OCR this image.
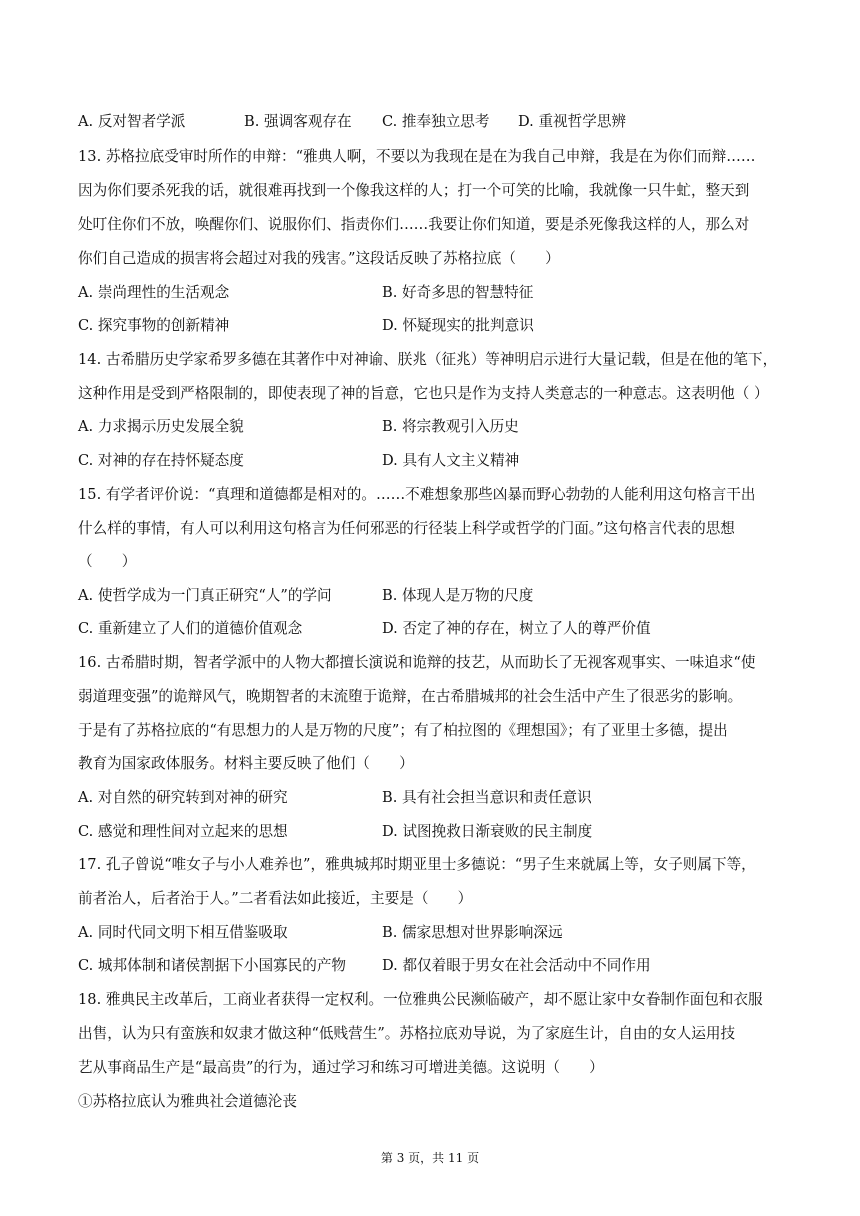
A. 反对智者学派	B. 强调客观存在 C. 推奉独立思考 D. 重视哲学思辨
13. 苏格拉底受审时所作的申辩：“雅典人啊，不要以为我现在是在为我自己申辩，我是在为你们而辩……
因为你们要杀死我的话，就很难再找到一个像我这样的人；打一个可笑的比喻，我就像一只牛虻，整天到
处叮住你们不放，唤醒你们、说服你们、指责你们……我要让你们知道，要是杀死像我这样的人，那么对
你们自己造成的损害将会超过对我的残害。”这段话反映了苏格拉底（　　）
A. 崇尚理性的生活观念	B. 好奇多思的智慧特征
C. 探究事物的创新精神	D. 怀疑现实的批判意识
14. 古希腊历史学家希罗多德在其著作中对神谕、朕兆（征兆）等神明启示进行大量记载，但是在他的笔下，
这种作用是受到严格限制的，即使表现了神的旨意，它也只是作为支持人类意志的一种意志。这表明他（ ）
A. 力求揭示历史发展全貌	B. 将宗教观引入历史
C. 对神的存在持怀疑态度	D. 具有人文主义精神
15. 有学者评价说：“真理和道德都是相对的。……不难想象那些凶暴而野心勃勃的人能利用这句格言干出
什么样的事情，有人可以利用这句格言为任何邪恶的行径装上科学或哲学的门面。”这句格言代表的思想
（　　）
A. 使哲学成为一门真正研究“人”的学问	B. 体现人是万物的尺度
C. 重新建立了人们的道德价值观念	D. 否定了神的存在，树立了人的尊严价值
16. 古希腊时期，智者学派中的人物大都擅长演说和诡辩的技艺，从而助长了无视客观事实、一味追求“使
弱道理变强”的诡辩风气，晚期智者的末流堕于诡辩，在古希腊城邦的社会生活中产生了很恶劣的影响。
于是有了苏格拉底的“有思想力的人是万物的尺度”；有了柏拉图的《理想国》；有了亚里士多德，提出
教育为国家政体服务。材料主要反映了他们（　　）
A. 对自然的研究转到对神的研究	B. 具有社会担当意识和责任意识
C. 感觉和理性间对立起来的思想	D. 试图挽救日渐衰败的民主制度
17. 孔子曾说“唯女子与小人难养也”，雅典城邦时期亚里士多德说：“男子生来就属上等，女子则属下等，
前者治人，后者治于人。”二者看法如此接近，主要是（　　）
A. 同时代同文明下相互借鉴吸取	B. 儒家思想对世界影响深远
C. 城邦体制和诸侯割据下小国寡民的产物 D. 都仅着眼于男女在社会活动中不同作用
18. 雅典民主改革后，工商业者获得一定权利。一位雅典公民濒临破产，却不愿让家中女眷制作面包和衣服
出售，认为只有蛮族和奴隶才做这种“低贱营生”。苏格拉底劝导说，为了家庭生计，自由的女人运用技
艺从事商品生产是“最高贵”的行为，通过学习和练习可增进美德。这说明（　　）
①苏格拉底认为雅典社会道德沦丧
第 3 页，共 11 页
